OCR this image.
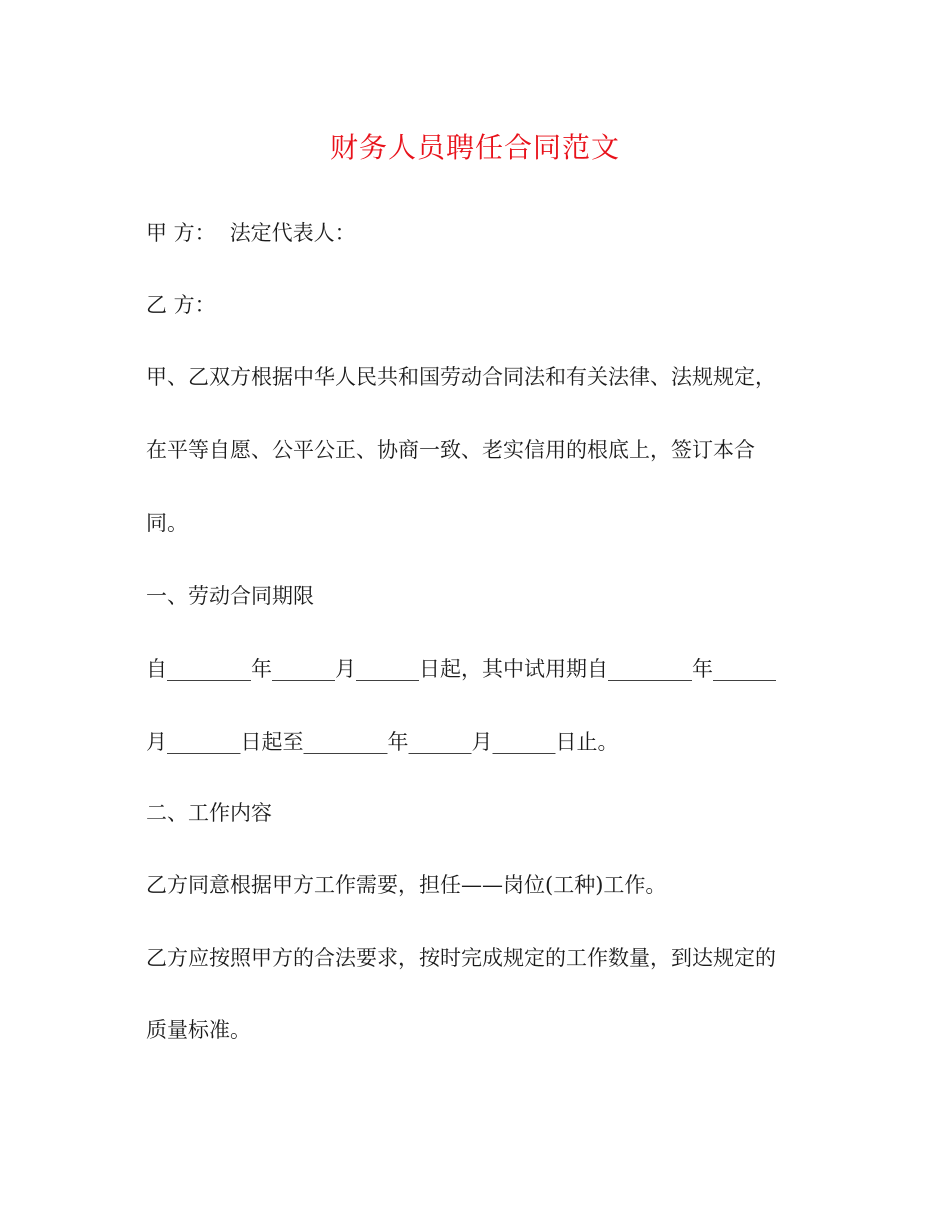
财务人员聘任合同范文
甲 方： 法定代表人：
乙 方：
甲、乙双方根据中华人民共和国劳动合同法和有关法律、法规规定，
在平等自愿、公平公正、协商一致、老实信用的根底上，签订本合
同。
一、劳动合同期限
自________年______月______日起，其中试用期自________年______
月_______日起至________年______月______日止。
二、工作内容
乙方同意根据甲方工作需要，担任——岗位(工种)工作。
乙方应按照甲方的合法要求，按时完成规定的工作数量，到达规定的
质量标准。
